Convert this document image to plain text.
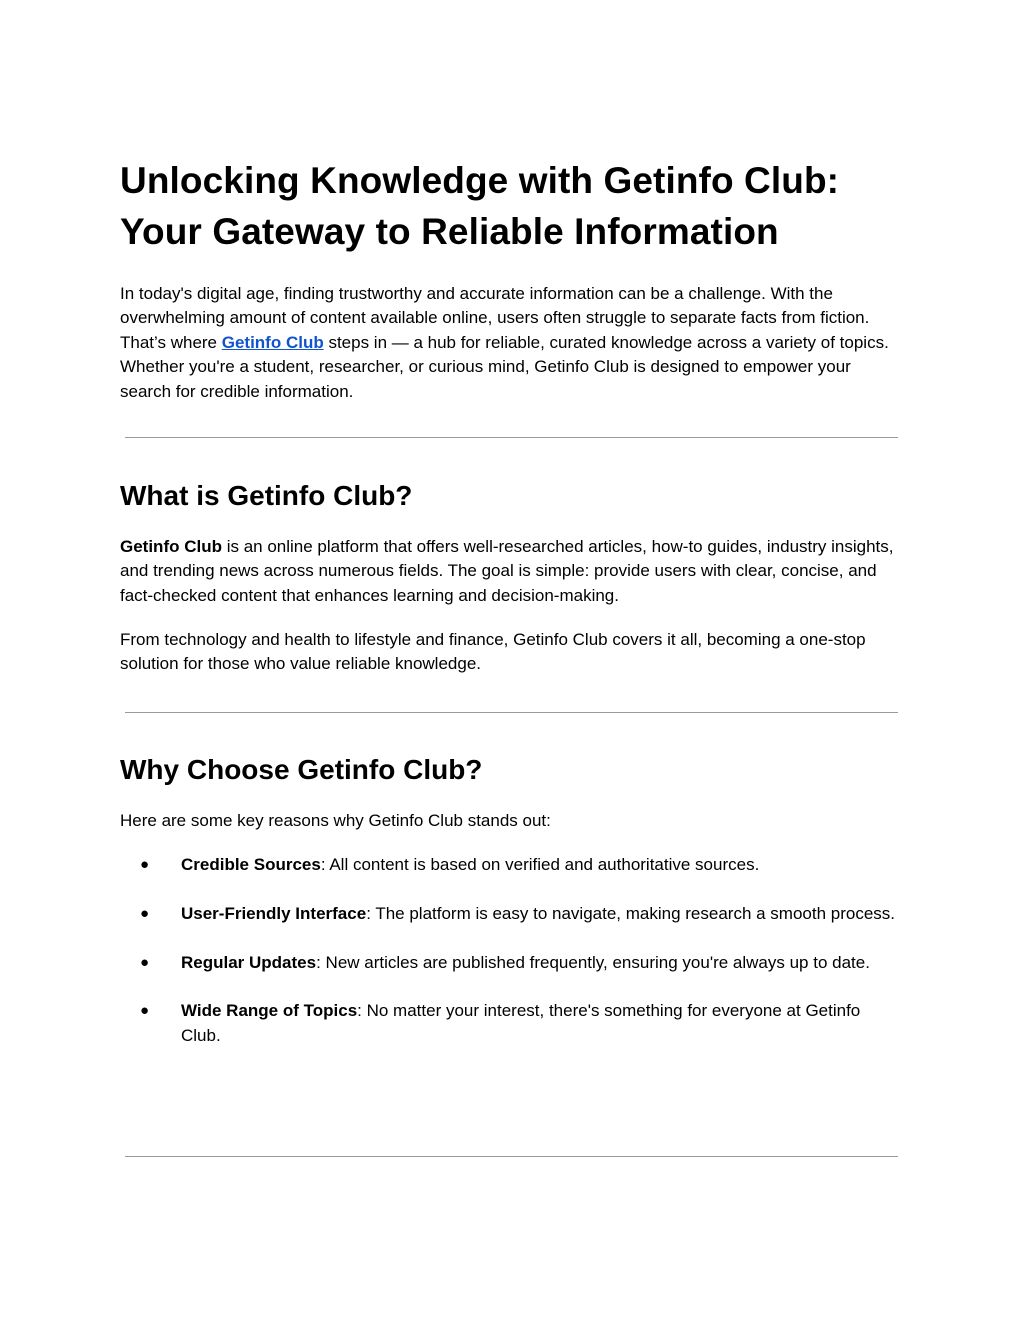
Unlocking Knowledge with Getinfo Club: Your Gateway to Reliable Information

In today's digital age, finding trustworthy and accurate information can be a challenge. With the overwhelming amount of content available online, users often struggle to separate facts from fiction. That’s where Getinfo Club steps in — a hub for reliable, curated knowledge across a variety of topics. Whether you're a student, researcher, or curious mind, Getinfo Club is designed to empower your search for credible information.

What is Getinfo Club?

Getinfo Club is an online platform that offers well-researched articles, how-to guides, industry insights, and trending news across numerous fields. The goal is simple: provide users with clear, concise, and fact-checked content that enhances learning and decision-making.

From technology and health to lifestyle and finance, Getinfo Club covers it all, becoming a one-stop solution for those who value reliable knowledge.

Why Choose Getinfo Club?

Here are some key reasons why Getinfo Club stands out:

● Credible Sources: All content is based on verified and authoritative sources.
● User-Friendly Interface: The platform is easy to navigate, making research a smooth process.
● Regular Updates: New articles are published frequently, ensuring you're always up to date.
● Wide Range of Topics: No matter your interest, there's something for everyone at Getinfo Club.
